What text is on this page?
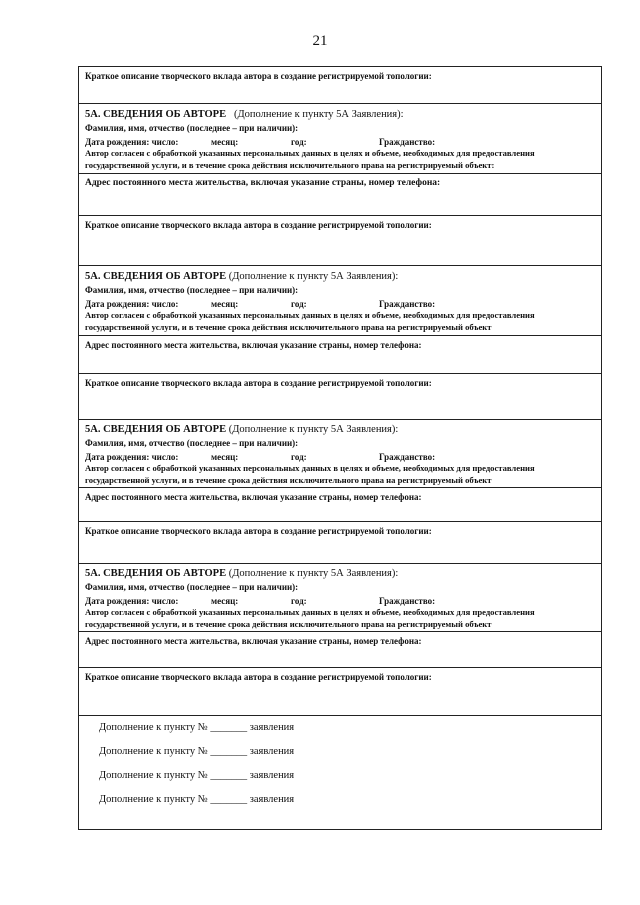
21
Краткое описание творческого вклада автора в создание регистрируемой топологии:
5А. СВЕДЕНИЯ ОБ АВТОРЕ (Дополнение к пункту 5А Заявления):
Фамилия, имя, отчество (последнее – при наличии):
Дата рождения: число:	месяц:	год:	Гражданство:
Автор согласен с обработкой указанных персональных данных в целях и объеме, необходимых для предоставления государственной услуги, и в течение срока действия исключительного права на регистрируемый объект:
Адрес постоянного места жительства, включая указание страны, номер телефона:
Краткое описание творческого вклада автора в создание регистрируемой топологии:
5А. СВЕДЕНИЯ ОБ АВТОРЕ (Дополнение к пункту 5А Заявления):
Фамилия, имя, отчество (последнее – при наличии):
Дата рождения: число:	месяц:	год:	Гражданство:
Автор согласен с обработкой указанных персональных данных в целях и объеме, необходимых для предоставления государственной услуги, и в течение срока действия исключительного права на регистрируемый объект
Адрес постоянного места жительства, включая указание страны, номер телефона:
Краткое описание творческого вклада автора в создание регистрируемой топологии:
5А. СВЕДЕНИЯ ОБ АВТОРЕ (Дополнение к пункту 5А Заявления):
Фамилия, имя, отчество (последнее – при наличии):
Дата рождения: число:	месяц:	год:	Гражданство:
Автор согласен с обработкой указанных персональных данных в целях и объеме, необходимых для предоставления государственной услуги, и в течение срока действия исключительного права на регистрируемый объект
Адрес постоянного места жительства, включая указание страны, номер телефона:
Краткое описание творческого вклада автора в создание регистрируемой топологии:
5А. СВЕДЕНИЯ ОБ АВТОРЕ (Дополнение к пункту 5А Заявления):
Фамилия, имя, отчество (последнее – при наличии):
Дата рождения: число:	месяц:	год:	Гражданство:
Автор согласен с обработкой указанных персональных данных в целях и объеме, необходимых для предоставления государственной услуги, и в течение срока действия исключительного права на регистрируемый объект
Адрес постоянного места жительства, включая указание страны, номер телефона:
Краткое описание творческого вклада автора в создание регистрируемой топологии:
Дополнение к пункту № _______ заявления
Дополнение к пункту № _______ заявления
Дополнение к пункту № _______ заявления
Дополнение к пункту № _______ заявления
